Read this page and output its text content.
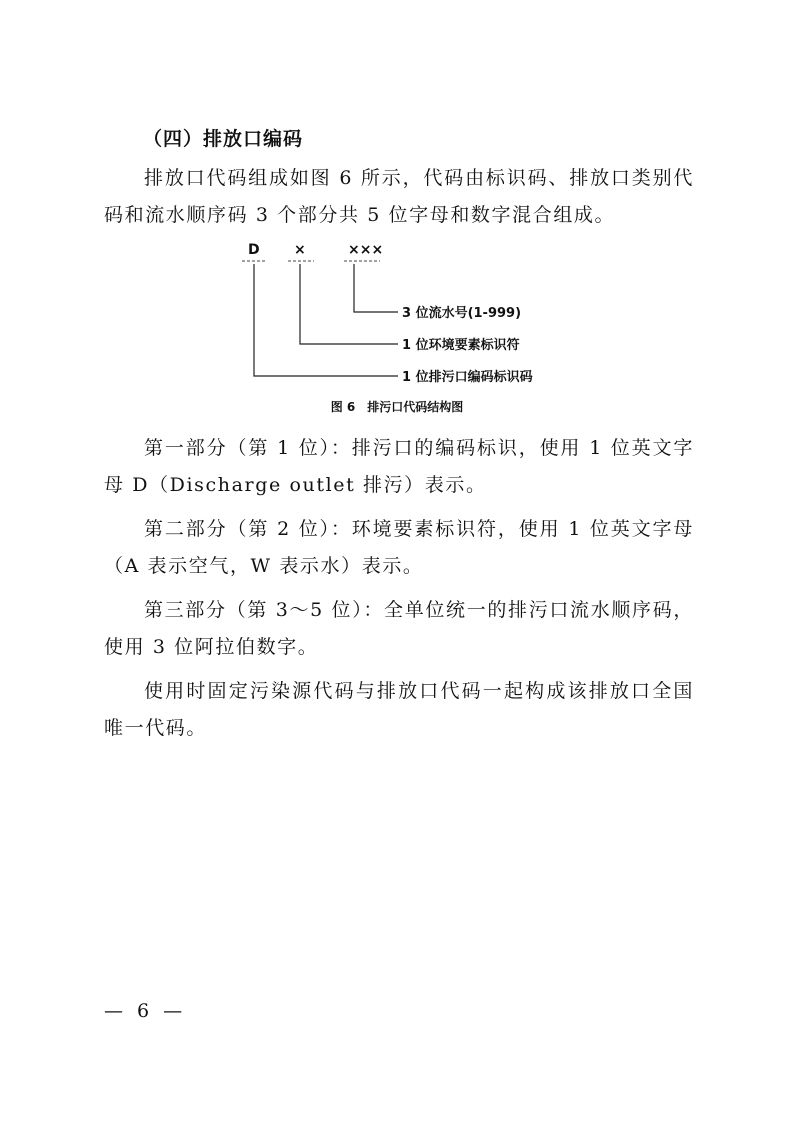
（四）排放口编码

排放口代码组成如图 6 所示，代码由标识码、排放口类别代码和流水顺序码 3 个部分共 5 位字母和数字混合组成。

D ×	×××
3 位流水号(1-999)
1 位环境要素标识符
1 位排污口编码标识码
图 6　排污口代码结构图

第一部分（第 1 位）：排污口的编码标识，使用 1 位英文字母 D（Discharge outlet 排污）表示。

第二部分（第 2 位）：环境要素标识符，使用 1 位英文字母（A 表示空气，W 表示水）表示。

第三部分（第 3～5 位）：全单位统一的排污口流水顺序码，使用 3 位阿拉伯数字。

使用时固定污染源代码与排放口代码一起构成该排放口全国唯一代码。

— 6 —
